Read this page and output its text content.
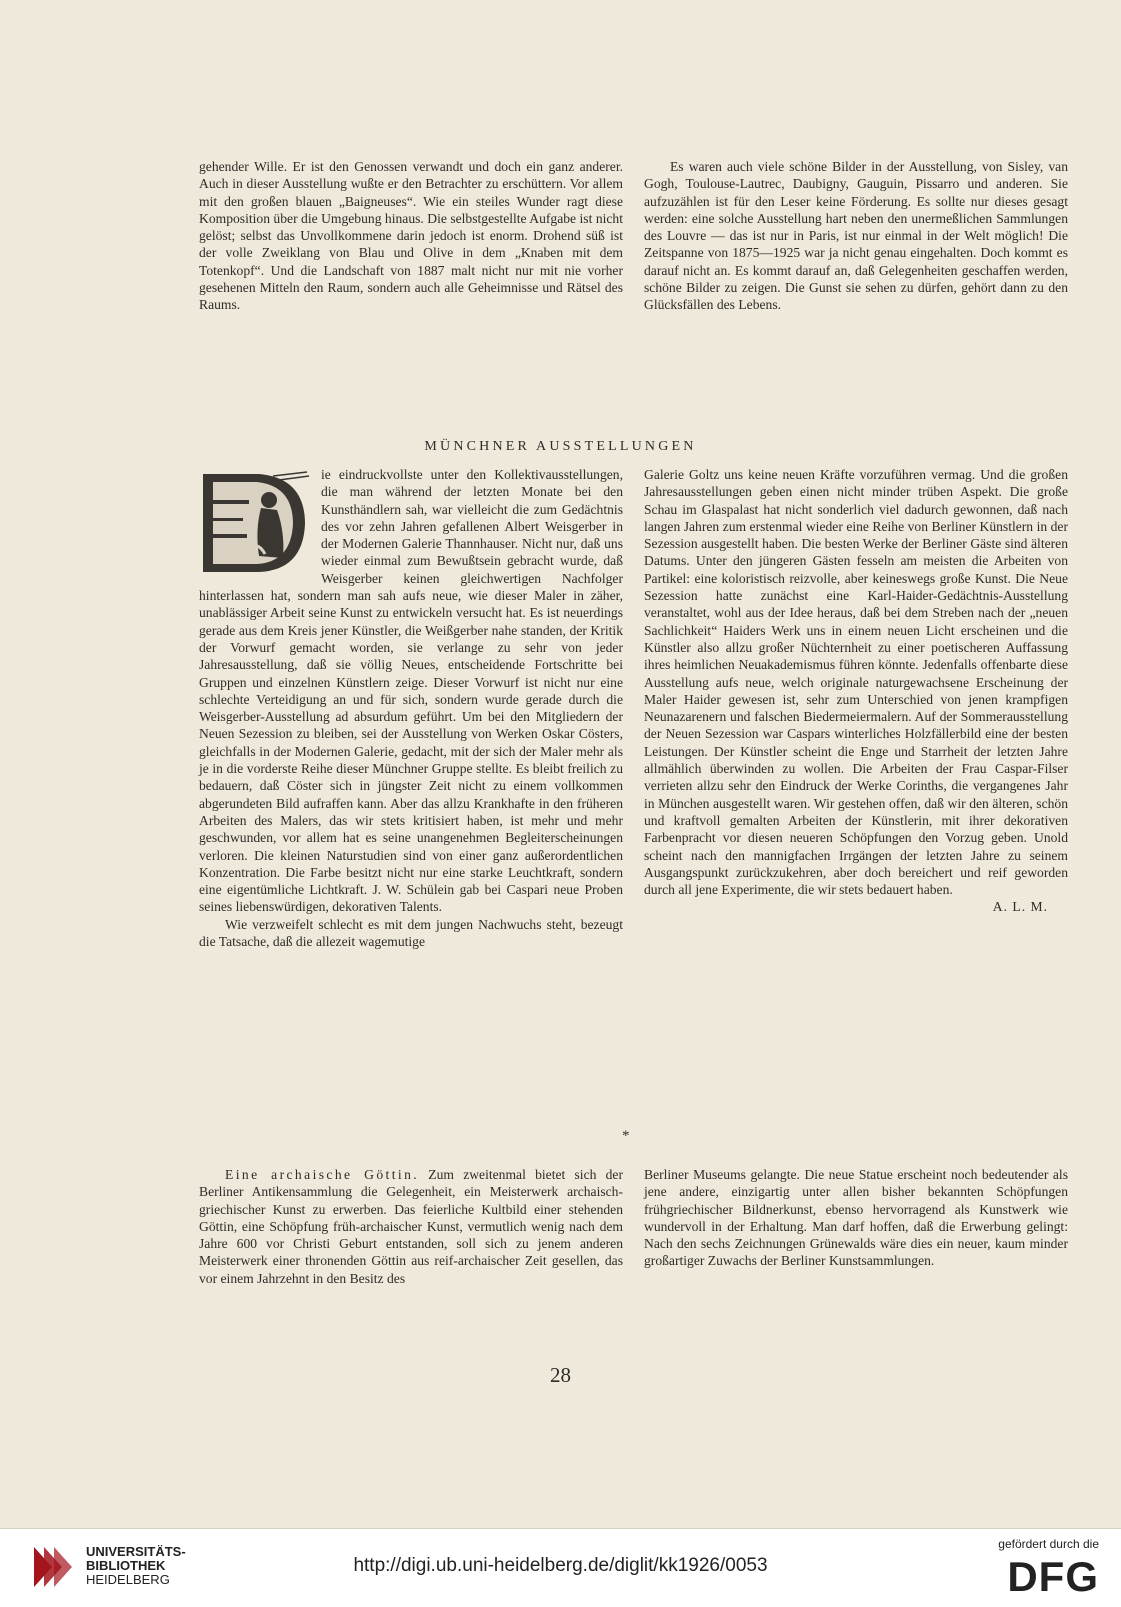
gehender Wille. Er ist den Genossen verwandt und doch ein ganz anderer. Auch in dieser Ausstellung wußte er den Betrachter zu erschüttern. Vor allem mit den großen blauen „Baigneuses“. Wie ein steiles Wunder ragt diese Komposition über die Umgebung hinaus. Die selbstgestellte Aufgabe ist nicht gelöst; selbst das Unvollkommene darin jedoch ist enorm. Drohend süß ist der volle Zweiklang von Blau und Olive in dem „Knaben mit dem Totenkopf“. Und die Landschaft von 1887 malt nicht nur mit nie vorher gesehenen Mitteln den Raum, sondern auch alle Geheimnisse und Rätsel des Raums.

Es waren auch viele schöne Bilder in der Ausstellung, von Sisley, van Gogh, Toulouse-Lautrec, Daubigny, Gauguin, Pissarro und anderen. Sie aufzuzählen ist für den Leser keine Förderung. Es sollte nur dieses gesagt werden: eine solche Ausstellung hart neben den unermeßlichen Sammlungen des Louvre — das ist nur in Paris, ist nur einmal in der Welt möglich! Die Zeitspanne von 1875—1925 war ja nicht genau eingehalten. Doch kommt es darauf nicht an. Es kommt darauf an, daß Gelegenheiten geschaffen werden, schöne Bilder zu zeigen. Die Gunst sie sehen zu dürfen, gehört dann zu den Glücksfällen des Lebens.

MÜNCHNER AUSSTELLUNGEN

ie eindruckvollste unter den Kollektivausstellungen, die man während der letzten Monate bei den Kunsthändlern sah, war vielleicht die zum Gedächtnis des vor zehn Jahren gefallenen Albert Weisgerber in der Modernen Galerie Thannhauser. Nicht nur, daß uns wieder einmal zum Bewußtsein gebracht wurde, daß Weisgerber keinen gleichwertigen Nachfolger hinterlassen hat, sondern man sah aufs neue, wie dieser Maler in zäher, unablässiger Arbeit seine Kunst zu entwickeln versucht hat. Es ist neuerdings gerade aus dem Kreis jener Künstler, die Weißgerber nahe standen, der Kritik der Vorwurf gemacht worden, sie verlange zu sehr von jeder Jahresausstellung, daß sie völlig Neues, entscheidende Fortschritte bei Gruppen und einzelnen Künstlern zeige. Dieser Vorwurf ist nicht nur eine schlechte Verteidigung an und für sich, sondern wurde gerade durch die Weisgerber-Ausstellung ad absurdum geführt. Um bei den Mitgliedern der Neuen Sezession zu bleiben, sei der Ausstellung von Werken Oskar Cösters, gleichfalls in der Modernen Galerie, gedacht, mit der sich der Maler mehr als je in die vorderste Reihe dieser Münchner Gruppe stellte. Es bleibt freilich zu bedauern, daß Cöster sich in jüngster Zeit nicht zu einem vollkommen abgerundeten Bild aufraffen kann. Aber das allzu Krankhafte in den früheren Arbeiten des Malers, das wir stets kritisiert haben, ist mehr und mehr geschwunden, vor allem hat es seine unangenehmen Begleiterscheinungen verloren. Die kleinen Naturstudien sind von einer ganz außerordentlichen Konzentration. Die Farbe besitzt nicht nur eine starke Leuchtkraft, sondern eine eigentümliche Lichtkraft. J. W. Schülein gab bei Caspari neue Proben seines liebenswürdigen, dekorativen Talents.

Wie verzweifelt schlecht es mit dem jungen Nachwuchs steht, bezeugt die Tatsache, daß die allezeit wagemutige

Galerie Goltz uns keine neuen Kräfte vorzuführen vermag. Und die großen Jahresausstellungen geben einen nicht minder trüben Aspekt. Die große Schau im Glaspalast hat nicht sonderlich viel dadurch gewonnen, daß nach langen Jahren zum erstenmal wieder eine Reihe von Berliner Künstlern in der Sezession ausgestellt haben. Die besten Werke der Berliner Gäste sind älteren Datums. Unter den jüngeren Gästen fesseln am meisten die Arbeiten von Partikel: eine koloristisch reizvolle, aber keineswegs große Kunst. Die Neue Sezession hatte zunächst eine Karl-Haider-Gedächtnis-Ausstellung veranstaltet, wohl aus der Idee heraus, daß bei dem Streben nach der „neuen Sachlichkeit“ Haiders Werk uns in einem neuen Licht erscheinen und die Künstler also allzu großer Nüchternheit zu einer poetischeren Auffassung ihres heimlichen Neuakademismus führen könnte. Jedenfalls offenbarte diese Ausstellung aufs neue, welch originale naturgewachsene Erscheinung der Maler Haider gewesen ist, sehr zum Unterschied von jenen krampfigen Neunazarenern und falschen Biedermeiermalern. Auf der Sommerausstellung der Neuen Sezession war Caspars winterliches Holzfällerbild eine der besten Leistungen. Der Künstler scheint die Enge und Starrheit der letzten Jahre allmählich überwinden zu wollen. Die Arbeiten der Frau Caspar-Filser verrieten allzu sehr den Eindruck der Werke Corinths, die vergangenes Jahr in München ausgestellt waren. Wir gestehen offen, daß wir den älteren, schön und kraftvoll gemalten Arbeiten der Künstlerin, mit ihrer dekorativen Farbenpracht vor diesen neueren Schöpfungen den Vorzug geben. Unold scheint nach den mannigfachen Irrgängen der letzten Jahre zu seinem Ausgangspunkt zurückzukehren, aber doch bereichert und reif geworden durch all jene Experimente, die wir stets bedauert haben.

A. L. M.

*

Eine archaische Göttin. Zum zweitenmal bietet sich der Berliner Antikensammlung die Gelegenheit, ein Meisterwerk archaisch-griechischer Kunst zu erwerben. Das feierliche Kultbild einer stehenden Göttin, eine Schöpfung früh-archaischer Kunst, vermutlich wenig nach dem Jahre 600 vor Christi Geburt entstanden, soll sich zu jenem anderen Meisterwerk einer thronenden Göttin aus reif-archaischer Zeit gesellen, das vor einem Jahrzehnt in den Besitz des

Berliner Museums gelangte. Die neue Statue erscheint noch bedeutender als jene andere, einzigartig unter allen bisher bekannten Schöpfungen frühgriechischer Bildnerkunst, ebenso hervorragend als Kunstwerk wie wundervoll in der Erhaltung. Man darf hoffen, daß die Erwerbung gelingt: Nach den sechs Zeichnungen Grünewalds wäre dies ein neuer, kaum minder großartiger Zuwachs der Berliner Kunstsammlungen.

28
UNIVERSITÄTS-
BIBLIOTHEK
HEIDELBERG
http://digi.ub.uni-heidelberg.de/diglit/kk1926/0053
gefördert durch die
DFG
